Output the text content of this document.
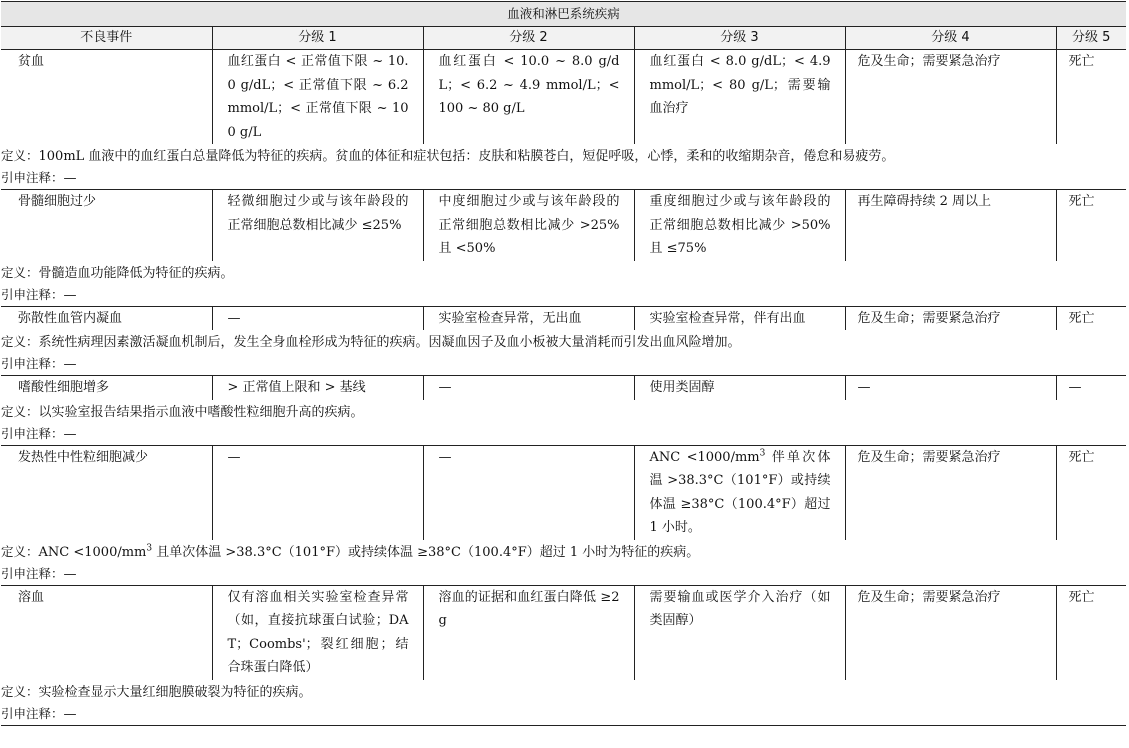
血液和淋巴系统疾病					
不良事件	分级 1	分级 2	分级 3	分级 4	分级 5
贫血	血红蛋白 < 正常值下限 ~ 10.0 g/dL；< 正常值下限 ~ 6.2 mmol/L；< 正常值下限 ~ 100 g/L	血红蛋白 < 10.0 ~ 8.0 g/dL；< 6.2 ~ 4.9 mmol/L；< 100 ~ 80 g/L	血红蛋白 < 8.0 g/dL；< 4.9 mmol/L；< 80 g/L；需要输血治疗	危及生命；需要紧急治疗	死亡
定义：100mL 血液中的血红蛋白总量降低为特征的疾病。贫血的体征和症状包括：皮肤和粘膜苍白，短促呼吸，心悸，柔和的收缩期杂音，倦怠和易疲劳。					
引申注释：—					
骨髓细胞过少	轻微细胞过少或与该年龄段的正常细胞总数相比减少 ≤25%	中度细胞过少或与该年龄段的正常细胞总数相比减少 >25% 且 <50%	重度细胞过少或与该年龄段的正常细胞总数相比减少 >50% 且 ≤75%	再生障碍持续 2 周以上	死亡
定义：骨髓造血功能降低为特征的疾病。					
引申注释：—					
弥散性血管内凝血	—	实验室检查异常，无出血	实验室检查异常，伴有出血	危及生命；需要紧急治疗	死亡
定义：系统性病理因素激活凝血机制后，发生全身血栓形成为特征的疾病。因凝血因子及血小板被大量消耗而引发出血风险增加。					
引申注释：—					
嗜酸性细胞增多	> 正常值上限和 > 基线	—	使用类固醇	—	—
定义：以实验室报告结果指示血液中嗜酸性粒细胞升高的疾病。					
引申注释：—					
发热性中性粒细胞减少	—	—	ANC $<1000/mm^3$ 伴单次体温 >38.3°C（101°F）或持续体温 ≥38°C（100.4°F）超过 1 小时。	危及生命；需要紧急治疗	死亡
定义：ANC $<1000/mm^3$ 且单次体温 >38.3°C（101°F）或持续体温 ≥38°C（100.4°F）超过 1 小时为特征的疾病。					
引申注释：—					
溶血	仅有溶血相关实验室检查异常（如，直接抗球蛋白试验；DAT；Coombs'；裂红细胞；结合珠蛋白降低）	溶血的证据和血红蛋白降低 ≥2 g	需要输血或医学介入治疗（如类固醇）	危及生命；需要紧急治疗	死亡
定义：实验检查显示大量红细胞膜破裂为特征的疾病。					
引申注释：—					
